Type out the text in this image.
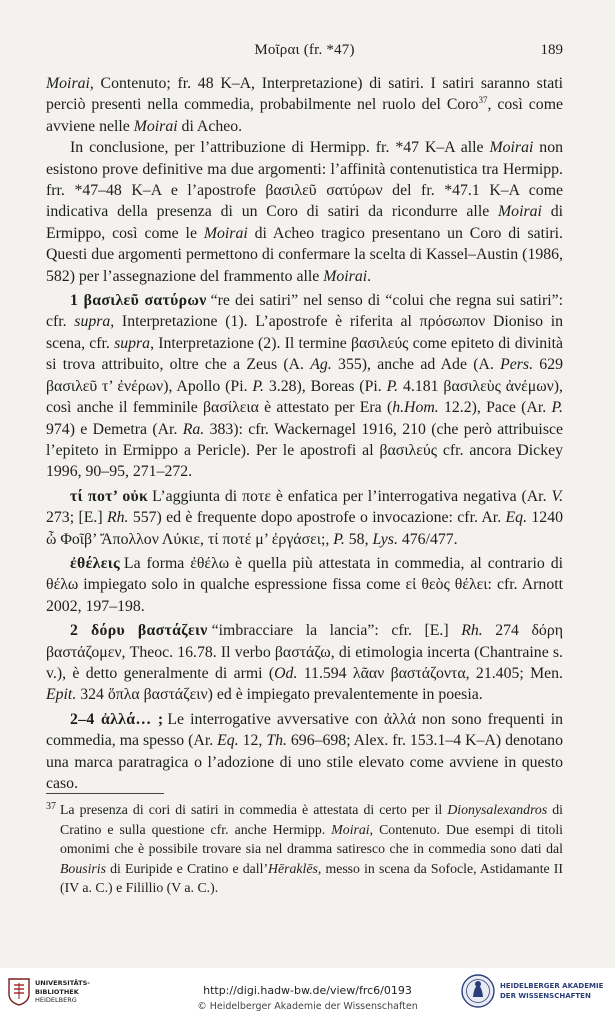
Μοῖραι (fr. *47)	189

Moirai, Contenuto; fr. 48 K–A, Interpretazione) di satiri. I satiri saranno stati perciò presenti nella commedia, probabilmente nel ruolo del Coro$^{37}$, così come avviene nelle Moirai di Acheo.

In conclusione, per l’attribuzione di Hermipp. fr. *47 K–A alle Moirai non esistono prove definitive ma due argomenti: l’affinità contenutistica tra Hermipp. frr. *47–48 K–A e l’apostrofe βασιλεῦ σατύρων del fr. *47.1 K–A come indicativa della presenza di un Coro di satiri da ricondurre alle Moirai di Ermippo, così come le Moirai di Acheo tragico presentano un Coro di satiri. Questi due argomenti permettono di confermare la scelta di Kassel–Austin (1986, 582) per l’assegnazione del frammento alle Moirai.

1 βασιλεῦ σατύρων “re dei satiri” nel senso di “colui che regna sui satiri”: cfr. supra, Interpretazione (1). L’apostrofe è riferita al πρόσωπον Dioniso in scena, cfr. supra, Interpretazione (2). Il termine βασιλεύς come epiteto di divinità si trova attribuito, oltre che a Zeus (A. Ag. 355), anche ad Ade (A. Pers. 629 βασιλεῦ τ’ ἐνέρων), Apollo (Pi. P. 3.28), Boreas (Pi. P. 4.181 βασιλεὺς ἀνέμων), così anche il femminile βασίλεια è attestato per Era (h.Hom. 12.2), Pace (Ar. P. 974) e Demetra (Ar. Ra. 383): cfr. Wackernagel 1916, 210 (che però attribuisce l’epiteto in Ermippo a Pericle). Per le apostrofi al βασιλεύς cfr. ancora Dickey 1996, 90–95, 271–272.

τί ποτ’ οὐκ L’aggiunta di ποτε è enfatica per l’interrogativa negativa (Ar. V. 273; [E.] Rh. 557) ed è frequente dopo apostrofe o invocazione: cfr. Ar. Eq. 1240 ὦ Φοῖβ’ Ἄπολλον Λύκιε, τί ποτέ μ’ ἐργάσει;, P. 58, Lys. 476/477.

ἐθέλεις La forma ἐθέλω è quella più attestata in commedia, al contrario di θέλω impiegato solo in qualche espressione fissa come εἰ θεὸς θέλει: cfr. Arnott 2002, 197–198.

2 δόρυ βαστάζειν “imbracciare la lancia”: cfr. [E.] Rh. 274 δόρη βαστάζομεν, Theoc. 16.78. Il verbo βαστάζω, di etimologia incerta (Chantraine s. v.), è detto generalmente di armi (Od. 11.594 λᾶαν βαστάζοντα, 21.405; Men. Epit. 324 ὅπλα βαστάζειν) ed è impiegato prevalentemente in poesia.

2–4 ἀλλά… ; Le interrogative avversative con ἀλλά non sono frequenti in commedia, ma spesso (Ar. Eq. 12, Th. 696–698; Alex. fr. 153.1–4 K–A) denotano una marca paratragica o l’adozione di uno stile elevato come avviene in questo caso.

37 La presenza di cori di satiri in commedia è attestata di certo per il Dionysalexandros di Cratino e sulla questione cfr. anche Hermipp. Moirai, Contenuto. Due esempi di titoli omonimi che è possibile trovare sia nel dramma satiresco che in commedia sono dati dal Bousiris di Euripide e Cratino e dall’Hēraklēs, messo in scena da Sofocle, Astidamante II (IV a. C.) e Filillio (V a. C.).
UNIVERSITÄTS-
BIBLIOTHEK
HEIDELBERG
http://digi.hadw-bw.de/view/frc6/0193
© Heidelberger Akademie der Wissenschaften
HEIDELBERGER AKADEMIE
DER WISSENSCHAFTEN
